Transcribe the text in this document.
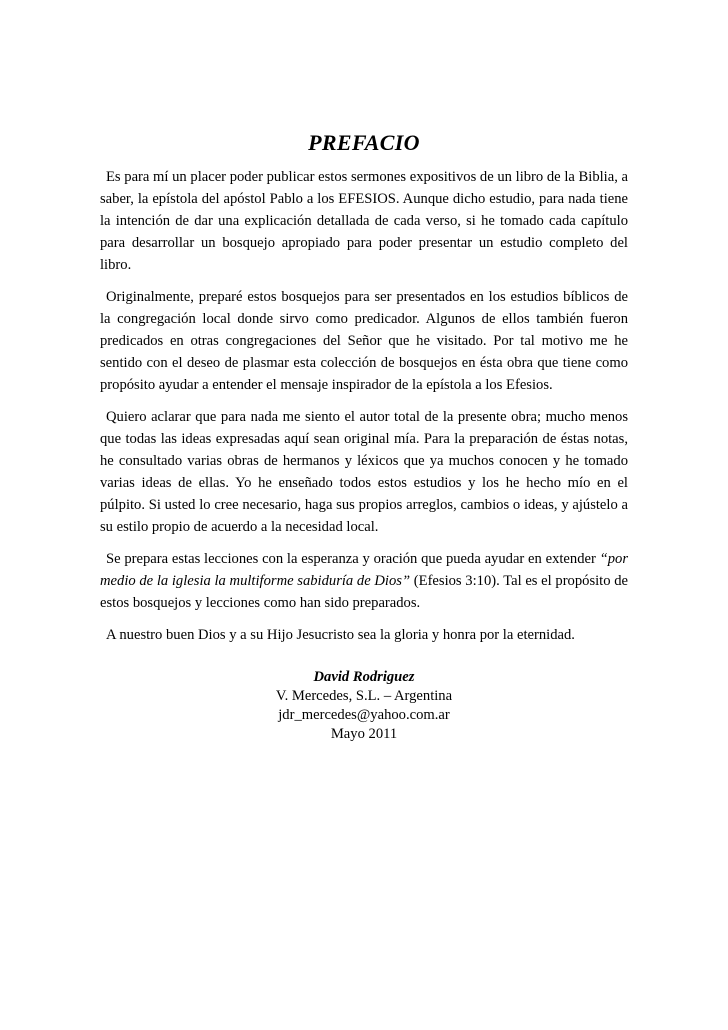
PREFACIO

Es para mí un placer poder publicar estos sermones expositivos de un libro de la Biblia, a saber, la epístola del apóstol Pablo a los EFESIOS. Aunque dicho estudio, para nada tiene la intención de dar una explicación detallada de cada verso, si he tomado cada capítulo para desarrollar un bosquejo apropiado para poder presentar un estudio completo del libro.

Originalmente, preparé estos bosquejos para ser presentados en los estudios bíblicos de la congregación local donde sirvo como predicador. Algunos de ellos también fueron predicados en otras congregaciones del Señor que he visitado. Por tal motivo me he sentido con el deseo de plasmar esta colección de bosquejos en ésta obra que tiene como propósito ayudar a entender el mensaje inspirador de la epístola a los Efesios.

Quiero aclarar que para nada me siento el autor total de la presente obra; mucho menos que todas las ideas expresadas aquí sean original mía. Para la preparación de éstas notas, he consultado varias obras de hermanos y léxicos que ya muchos conocen y he tomado varias ideas de ellas. Yo he enseñado todos estos estudios y los he hecho mío en el púlpito. Si usted lo cree necesario, haga sus propios arreglos, cambios o ideas, y ajústelo a su estilo propio de acuerdo a la necesidad local.

Se prepara estas lecciones con la esperanza y oración que pueda ayudar en extender “por medio de la iglesia la multiforme sabiduría de Dios” (Efesios 3:10). Tal es el propósito de estos bosquejos y lecciones como han sido preparados.

A nuestro buen Dios y a su Hijo Jesucristo sea la gloria y honra por la eternidad.

David Rodriguez
V. Mercedes, S.L. – Argentina
jdr_mercedes@yahoo.com.ar
Mayo 2011
